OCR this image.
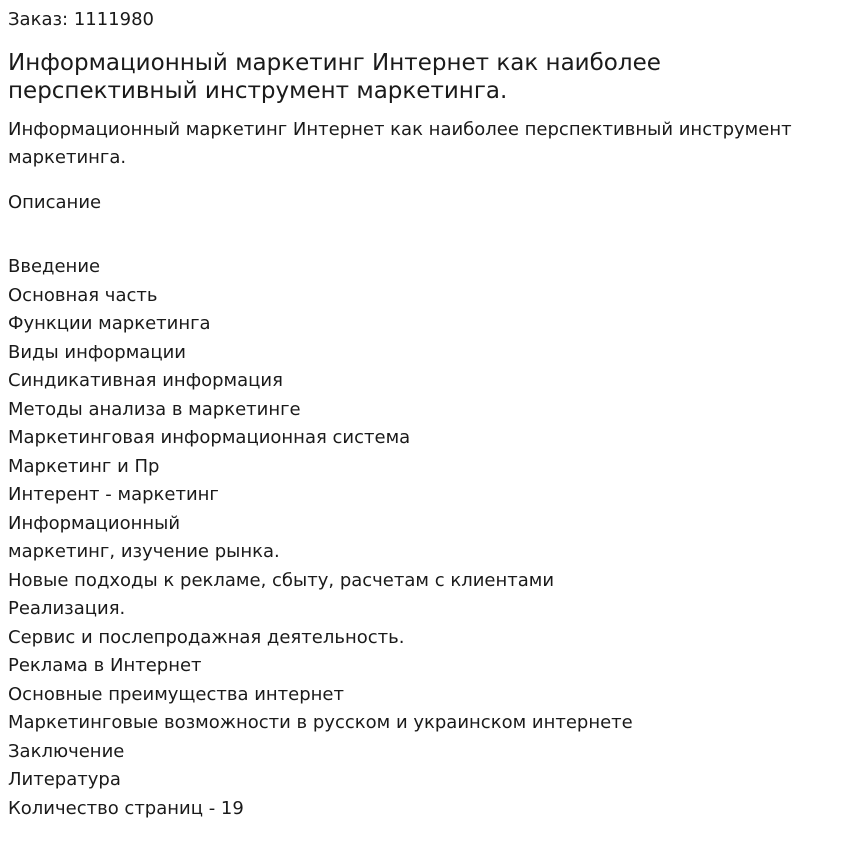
Заказ: 1111980

Информационный маркетинг Интернет как наиболее перспективный инструмент маркетинга.

Информационный маркетинг Интернет как наиболее перспективный инструмент маркетинга.

Описание

Введение
Основная часть
Функции маркетинга
Виды информации
Синдикативная информация
Методы анализа в маркетинге
Маркетинговая информационная система
Маркетинг и Пр
Интерент - маркетинг
Информационный
маркетинг, изучение рынка.
Новые подходы к рекламе, сбыту, расчетам с клиентами
Реализация.
Сервис и послепродажная деятельность.
Реклама в Интернет
Основные преимущества интернет
Маркетинговые возможности в русском и украинском интернете
Заключение
Литература
Количество страниц - 19
